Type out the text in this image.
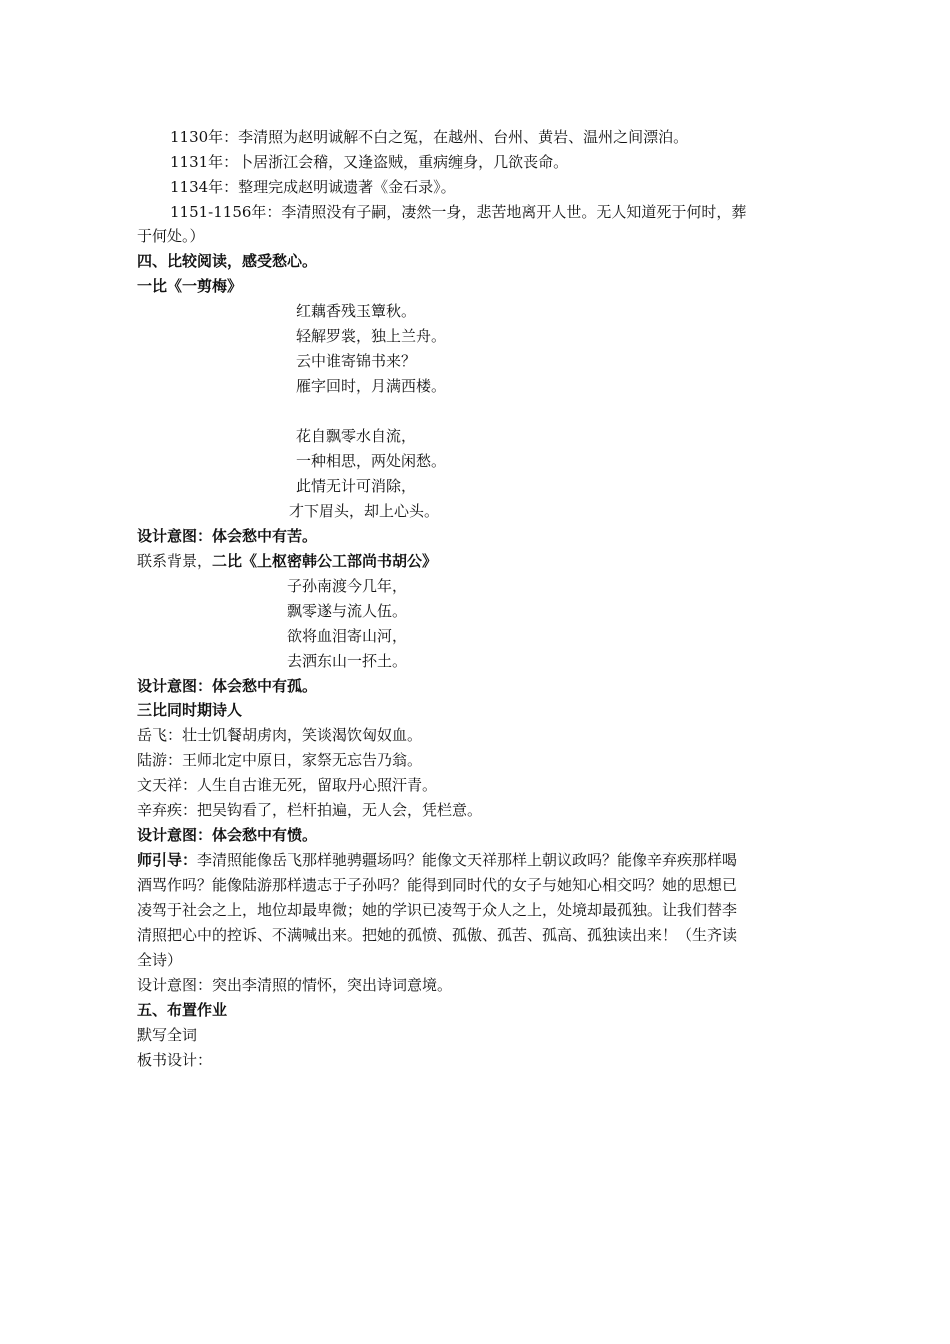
1130年：李清照为赵明诚解不白之冤，在越州、台州、黄岩、温州之间漂泊。
1131年：卜居浙江会稽，又逢盗贼，重病缠身，几欲丧命。
1134年：整理完成赵明诚遗著《金石录》。
1151-1156年：李清照没有子嗣，凄然一身，悲苦地离开人世。无人知道死于何时，葬
于何处。）
四、比较阅读，感受愁心。
一比《一剪梅》
红藕香残玉簟秋。
轻解罗裳，独上兰舟。
云中谁寄锦书来？
雁字回时，月满西楼。
花自飘零水自流，
一种相思，两处闲愁。
此情无计可消除，
才下眉头，却上心头。
设计意图：体会愁中有苦。
联系背景，二比《上枢密韩公工部尚书胡公》
子孙南渡今几年，
飘零遂与流人伍。
欲将血泪寄山河，
去洒东山一抔土。
设计意图：体会愁中有孤。
三比同时期诗人
岳飞：壮士饥餐胡虏肉，笑谈渴饮匈奴血。
陆游：王师北定中原日，家祭无忘告乃翁。
文天祥：人生自古谁无死，留取丹心照汗青。
辛弃疾：把吴钩看了，栏杆拍遍，无人会，凭栏意。
设计意图：体会愁中有愤。
师引导：李清照能像岳飞那样驰骋疆场吗？能像文天祥那样上朝议政吗？能像辛弃疾那样喝
酒骂作吗？能像陆游那样遗志于子孙吗？能得到同时代的女子与她知心相交吗？她的思想已
凌驾于社会之上，地位却最卑微；她的学识已凌驾于众人之上，处境却最孤独。让我们替李
清照把心中的控诉、不满喊出来。把她的孤愤、孤傲、孤苦、孤高、孤独读出来！（生齐读
全诗）
设计意图：突出李清照的情怀，突出诗词意境。
五、布置作业
默写全词
板书设计：
